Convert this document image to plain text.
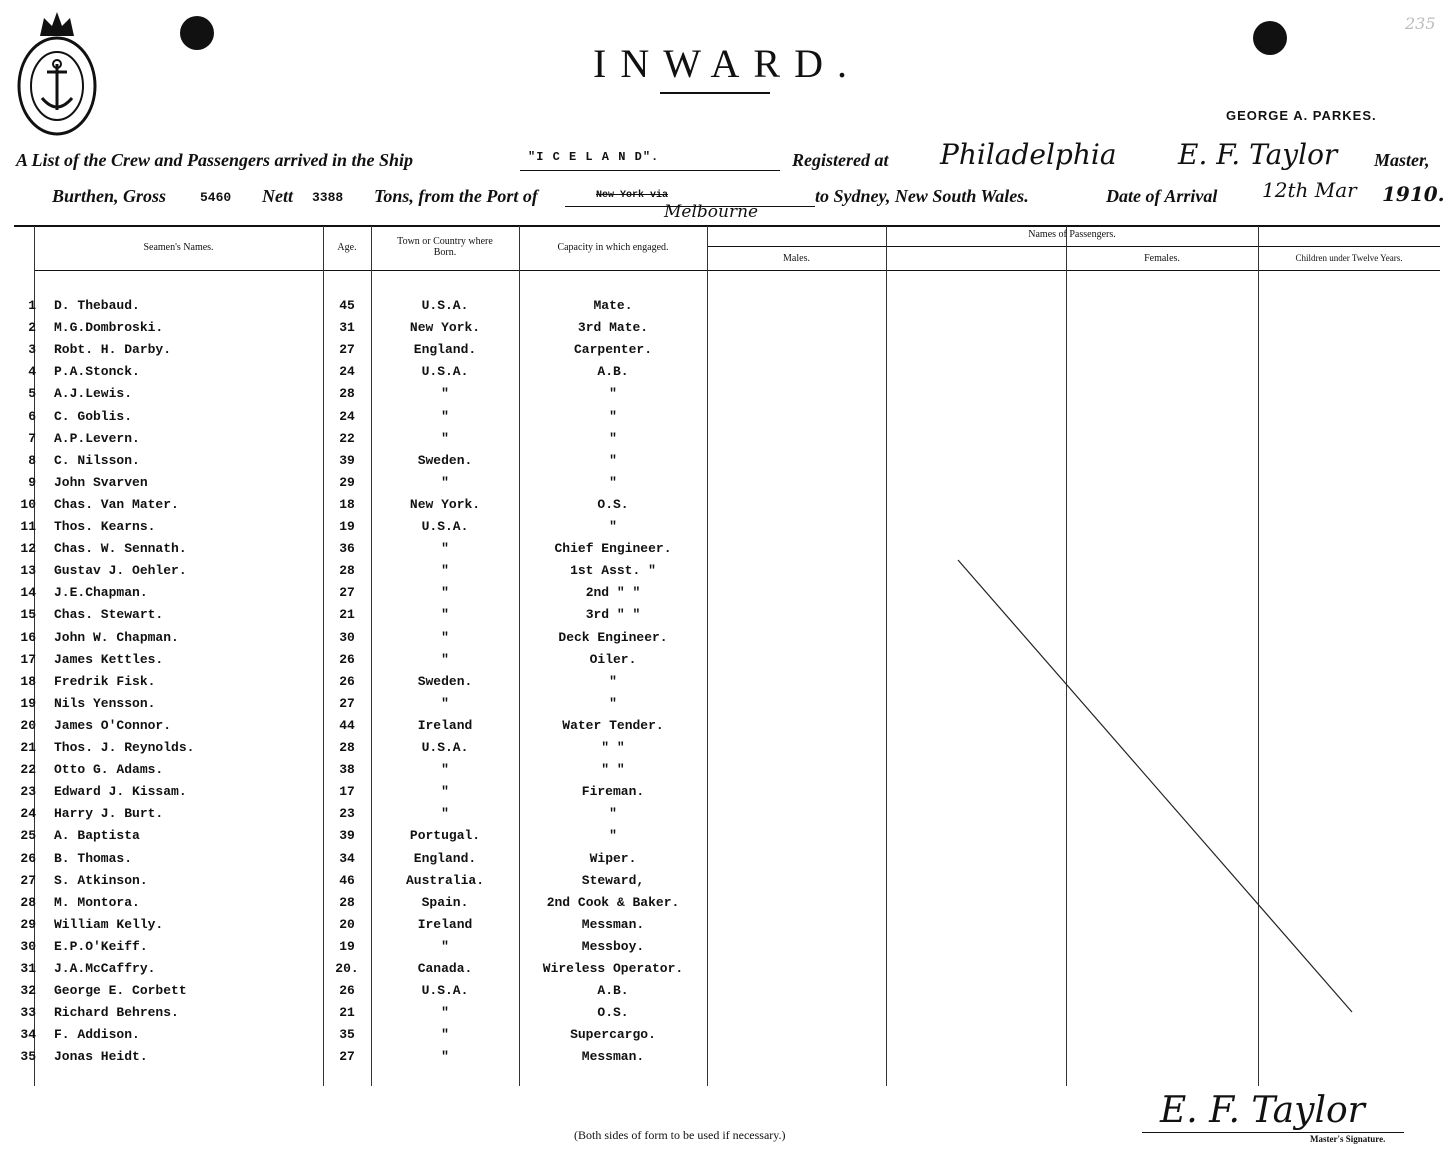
235
INWARD.
GEORGE A. PARKES.
A List of the Crew and Passengers arrived in the Ship	"I C E L A N D".	Registered at Philadelphia E. F. Taylor Master,
Burthen, Gross	5460 Nett 3388 Tons, from the Port of	New York via	to Sydney, New South Wales.	Date of Arrival 12th Mar 1910.
Melbourne
Seamen's Names.	Age.
Town or Country where Born.	Capacity in which engaged.
Names of Passengers.
Males.	Females.	Children under Twelve Years.
1 D. Thebaud.	45	U.S.A.	Mate.
2 M.G.Dombroski.	31	New York.	3rd Mate.
3 Robt. H. Darby.	27	England.	Carpenter.
4 P.A.Stonck.	24	U.S.A.	A.B.
5 A.J.Lewis.	28	"	"
6 C. Goblis.	24	"	"
7 A.P.Levern.	22	"	"
8 C. Nilsson.	39	Sweden.	"
9 John Svarven	29	"	"
10 Chas. Van Mater.	18	New York.	O.S.
11 Thos. Kearns.	19	U.S.A.	"
12 Chas. W. Sennath.	36	"	Chief Engineer.
13 Gustav J. Oehler.	28	"	1st Asst. "
14 J.E.Chapman.	27	"	2nd " "
15 Chas. Stewart.	21	"	3rd " "
16 John W. Chapman.	30	"	Deck Engineer.
17 James Kettles.	26	"	Oiler.
18 Fredrik Fisk.	26	Sweden.	"
19 Nils Yensson.	27	"	"
20 James O'Connor.	44	Ireland	Water Tender.
21 Thos. J. Reynolds.	28	U.S.A.	" "
22 Otto G. Adams.	38	"	" "
23 Edward J. Kissam.	17	"	Fireman.
24 Harry J. Burt.	23	"	"
25 A. Baptista	39	Portugal.	"
26 B. Thomas.	34	England.	Wiper.
27 S. Atkinson.	46	Australia.	Steward,
28 M. Montora.	28	Spain.	2nd Cook & Baker.
29 William Kelly.	20	Ireland	Messman.
30 E.P.O'Keiff.	19	"	Messboy.
31 J.A.McCaffry.	20.	Canada.	Wireless Operator.
32 George E. Corbett	26	U.S.A.	A.B.
33 Richard Behrens.	21	"	O.S.
34 F. Addison.	35	"	Supercargo.
35 Jonas Heidt.	27	"	Messman.
(Both sides of form to be used if necessary.)
E. F. Taylor
Master's Signature.
